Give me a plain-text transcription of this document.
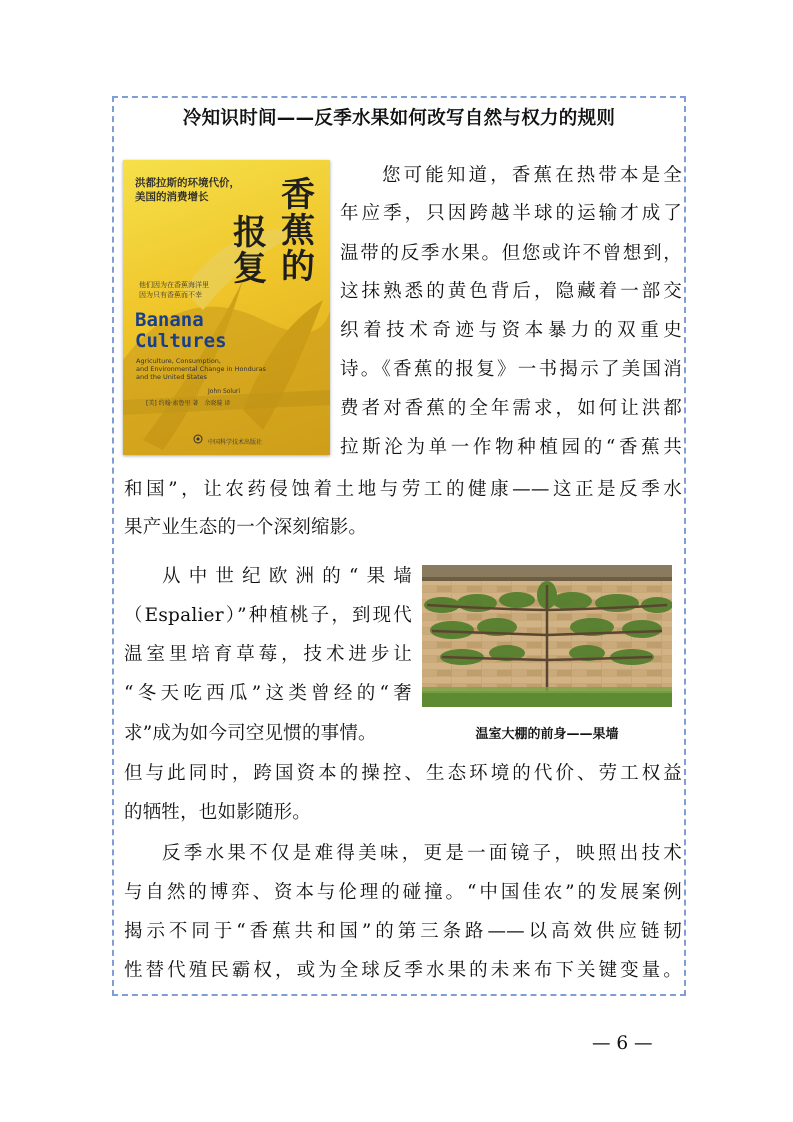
冷知识时间——反季水果如何改写自然与权力的规则
洪都拉斯的环境代价，
美国的消费增长	香
蕉
的
报
复
他们因为在香蕉海洋里
因为只有香蕉而不幸
Banana
Cultures
Agriculture, Consumption,
and Environmental Change in Honduras
and the United States
John Soluri
[美] 约翰·索鲁里 著　余晓璇 译
中国科学技术出版社
您可能知道，香蕉在热带本是全
年应季，只因跨越半球的运输才成了
温带的反季水果。但您或许不曾想到，
这抹熟悉的黄色背后，隐藏着一部交
织着技术奇迹与资本暴力的双重史
诗。《香蕉的报复》一书揭示了美国消
费者对香蕉的全年需求，如何让洪都
拉斯沦为单一作物种植园的“香蕉共
和国”，让农药侵蚀着土地与劳工的健康——这正是反季水
果产业生态的一个深刻缩影。
温室大棚的前身——果墙
从中世纪欧洲的“果墙
（Espalier）”种植桃子，到现代
温室里培育草莓，技术进步让
“冬天吃西瓜”这类曾经的“奢
求”成为如今司空见惯的事情。
但与此同时，跨国资本的操控、生态环境的代价、劳工权益
的牺牲，也如影随形。
反季水果不仅是难得美味，更是一面镜子，映照出技术
与自然的博弈、资本与伦理的碰撞。“中国佳农”的发展案例
揭示不同于“香蕉共和国”的第三条路——以高效供应链韧
性替代殖民霸权，或为全球反季水果的未来布下关键变量。
— 6 —
